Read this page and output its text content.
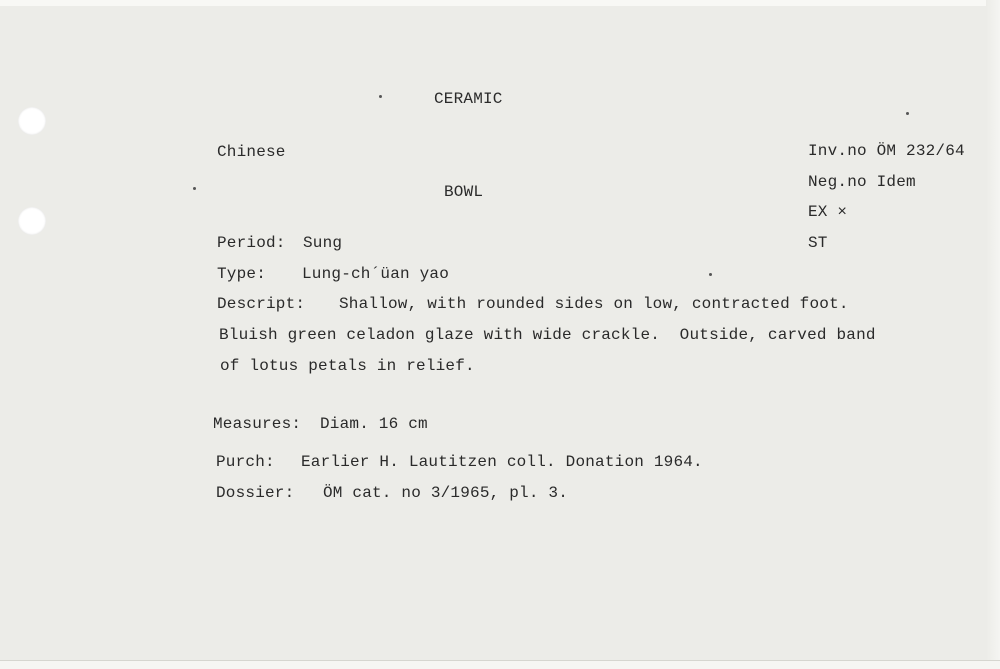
CERAMIC
Chinese
BOWL
Inv.no ÖM 232/64
Neg.no Idem
EX ×
ST
Period: Sung
Type: Lung-ch´üan yao
Descript: Shallow, with rounded sides on low, contracted foot.
Bluish green celadon glaze with wide crackle.  Outside, carved band
of lotus petals in relief.
Measures: Diam. 16 cm
Purch: Earlier H. Lautitzen coll. Donation 1964.
Dossier: ÖM cat. no 3/1965, pl. 3.
